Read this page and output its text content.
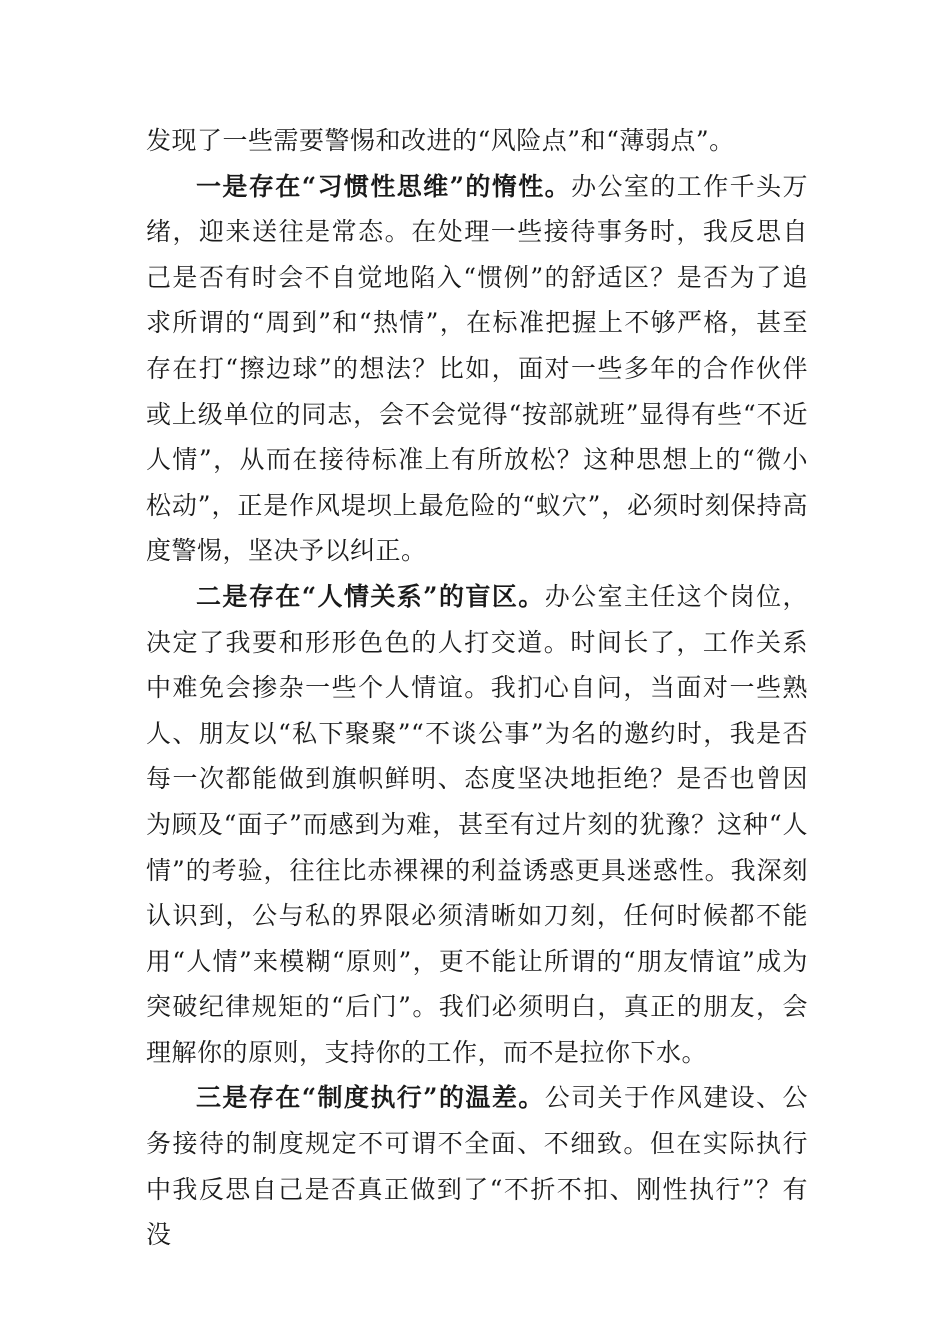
发现了一些需要警惕和改进的“风险点”和“薄弱点”。

一是存在“习惯性思维”的惰性。办公室的工作千头万绪，迎来送往是常态。在处理一些接待事务时，我反思自己是否有时会不自觉地陷入“惯例”的舒适区？是否为了追求所谓的“周到”和“热情”，在标准把握上不够严格，甚至存在打“擦边球”的想法？比如，面对一些多年的合作伙伴或上级单位的同志，会不会觉得“按部就班”显得有些“不近人情”，从而在接待标准上有所放松？这种思想上的“微小松动”，正是作风堤坝上最危险的“蚁穴”，必须时刻保持高度警惕，坚决予以纠正。

二是存在“人情关系”的盲区。办公室主任这个岗位，决定了我要和形形色色的人打交道。时间长了，工作关系中难免会掺杂一些个人情谊。我扪心自问，当面对一些熟人、朋友以“私下聚聚”“不谈公事”为名的邀约时，我是否每一次都能做到旗帜鲜明、态度坚决地拒绝？是否也曾因为顾及“面子”而感到为难，甚至有过片刻的犹豫？这种“人情”的考验，往往比赤裸裸的利益诱惑更具迷惑性。我深刻认识到，公与私的界限必须清晰如刀刻，任何时候都不能用“人情”来模糊“原则”，更不能让所谓的“朋友情谊”成为突破纪律规矩的“后门”。我们必须明白，真正的朋友，会理解你的原则，支持你的工作，而不是拉你下水。

三是存在“制度执行”的温差。公司关于作风建设、公务接待的制度规定不可谓不全面、不细致。但在实际执行中我反思自己是否真正做到了“不折不扣、刚性执行”？有没
